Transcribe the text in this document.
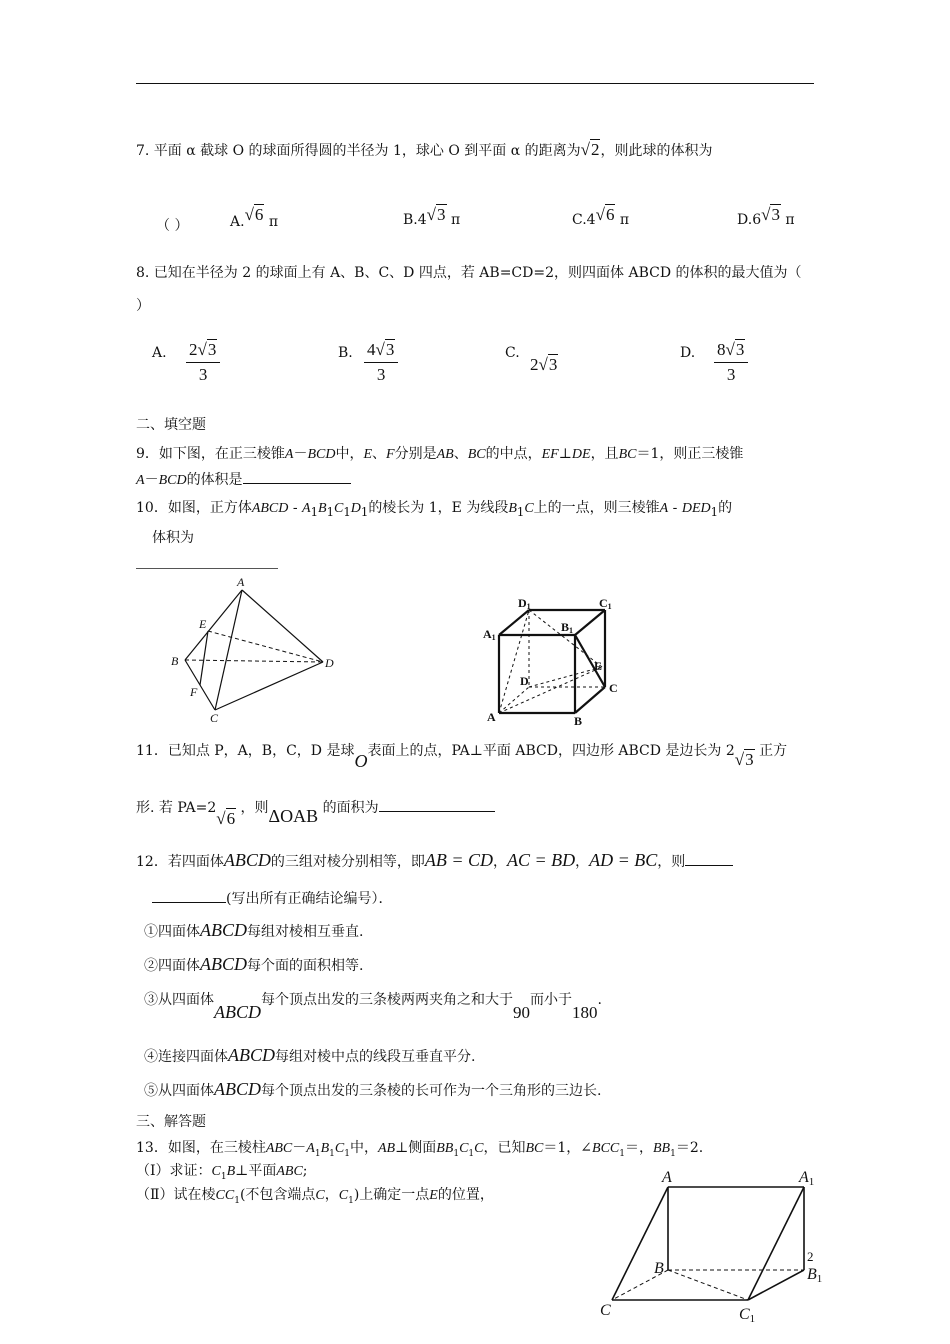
7. 平面 α 截球 O 的球面所得圆的半径为 1，球心 O 到平面 α 的距离为√2，则此球的体积为
（ ）	A.√6 π	B.4√3 π	C.4√6 π	D.6√3 π
8. 已知在半径为 2 的球面上有 A、B、C、D 四点，若 AB=CD=2，则四面体 ABCD 的体积的最大值为（
）
A. $\frac{2√3}{3}$	B. $\frac{4√3}{3}$	C.
2√3
D. $\frac{8√3}{3}$
二、填空题
9．如下图，在正三棱锥A－BCD中，E、F分别是AB、BC的中点，EF⊥DE，且BC＝1，则正三棱锥
A－BCD的体积是
10．如图，正方体ABCD - $A_1B_1C_1D_1$的棱长为 1，E 为线段$B_1C$上的一点，则三棱锥A - $DED_1$的
体积为
A
B
C
D
E
F
D1	C1
A1
B1
E
C
D
A	B
11．已知点 P，A，B，C，D 是球O表面上的点，PA⊥平面 ABCD，四边形 ABCD 是边长为 2√3 正方
形. 若 PA=2√6 ，则ΔOAB 的面积为
12．若四面体ABCD的三组对棱分别相等，即AB = CD，AC = BD，AD = BC，则
(写出所有正确结论编号）．
①四面体ABCD每组对棱相互垂直.
②四面体ABCD每个面的面积相等.
③从四面体ABCD每个顶点出发的三条棱两两夹角之和大于90而小于180.
④连接四面体ABCD每组对棱中点的线段互垂直平分.
⑤从四面体ABCD每个顶点出发的三条棱的长可作为一个三角形的三边长.
三、解答题
13．如图，在三棱柱$ABC-A_1B_1C_1$中，AB⊥侧面$BB_1C_1C$，已知BC＝1，$\angle BCC_1=$，$BB_1=2$.
（Ⅰ）求证：$C_1B\perp$平面ABC;
（Ⅱ）试在棱$CC_1$(不包含端点C，$C_1$)上确定一点E的位置，
A	A1
B	B1
C	C1
2
